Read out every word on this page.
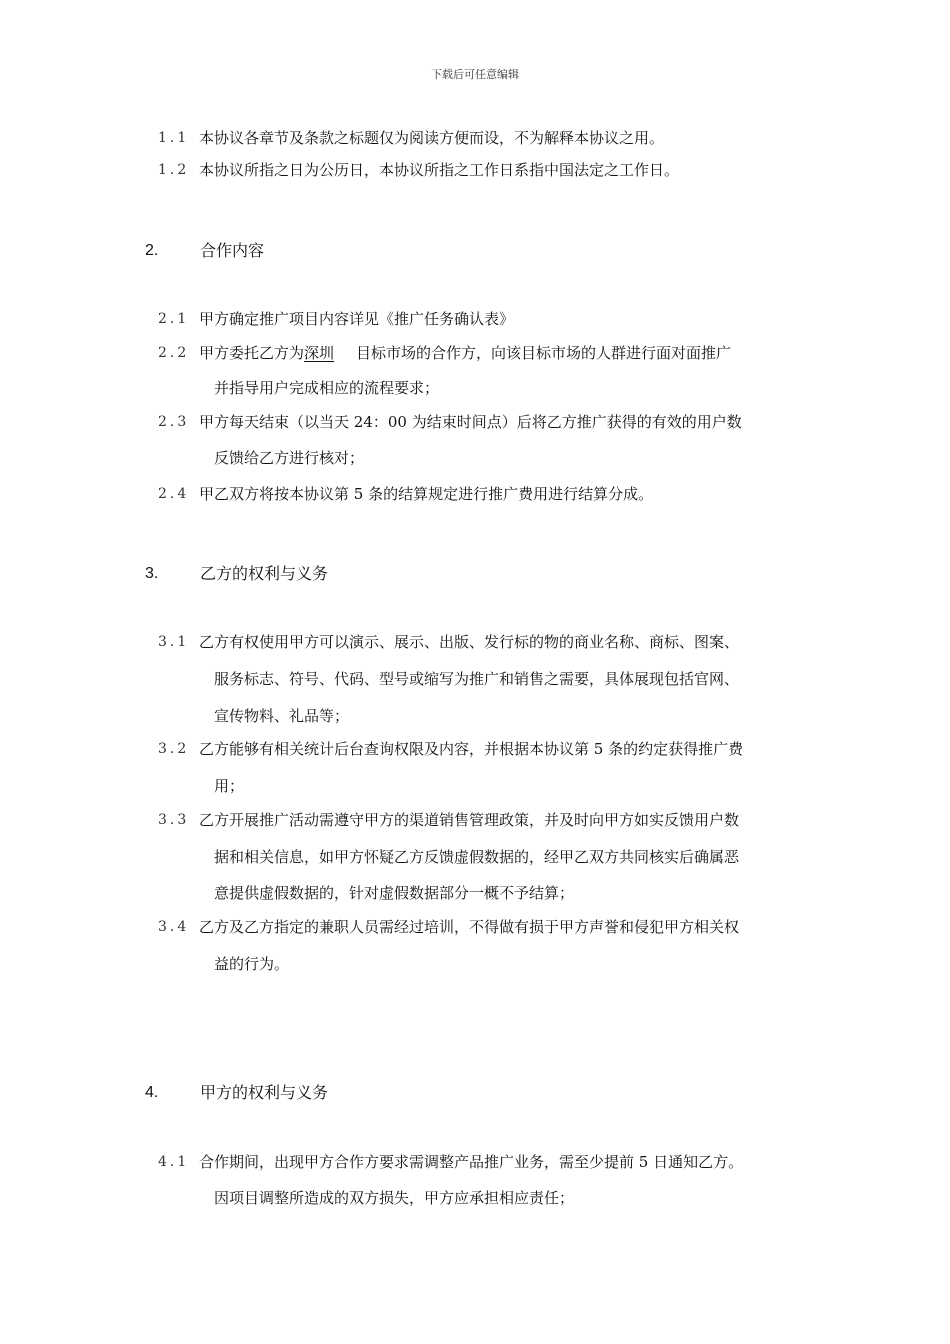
下载后可任意编辑
1.1 本协议各章节及条款之标题仅为阅读方便而设，不为解释本协议之用。
1.2 本协议所指之日为公历日，本协议所指之工作日系指中国法定之工作日。
2.	合作内容
2.1 甲方确定推广项目内容详见《推广任务确认表》
2.2 甲方委托乙方为深圳 目标市场的合作方，向该目标市场的人群进行面对面推广
并指导用户完成相应的流程要求；
2.3 甲方每天结束（以当天 24：00 为结束时间点）后将乙方推广获得的有效的用户数
反馈给乙方进行核对；
2.4 甲乙双方将按本协议第 5 条的结算规定进行推广费用进行结算分成。
3.	乙方的权利与义务
3.1 乙方有权使用甲方可以演示、展示、出版、发行标的物的商业名称、商标、图案、
服务标志、符号、代码、型号或缩写为推广和销售之需要，具体展现包括官网、
宣传物料、礼品等；
3.2 乙方能够有相关统计后台查询权限及内容，并根据本协议第 5 条的约定获得推广费
用；
3.3 乙方开展推广活动需遵守甲方的渠道销售管理政策，并及时向甲方如实反馈用户数
据和相关信息，如甲方怀疑乙方反馈虚假数据的，经甲乙双方共同核实后确属恶
意提供虚假数据的，针对虚假数据部分一概不予结算；
3.4 乙方及乙方指定的兼职人员需经过培训，不得做有损于甲方声誉和侵犯甲方相关权
益的行为。
4.	甲方的权利与义务
4.1 合作期间，出现甲方合作方要求需调整产品推广业务，需至少提前 5 日通知乙方。
因项目调整所造成的双方损失，甲方应承担相应责任；
